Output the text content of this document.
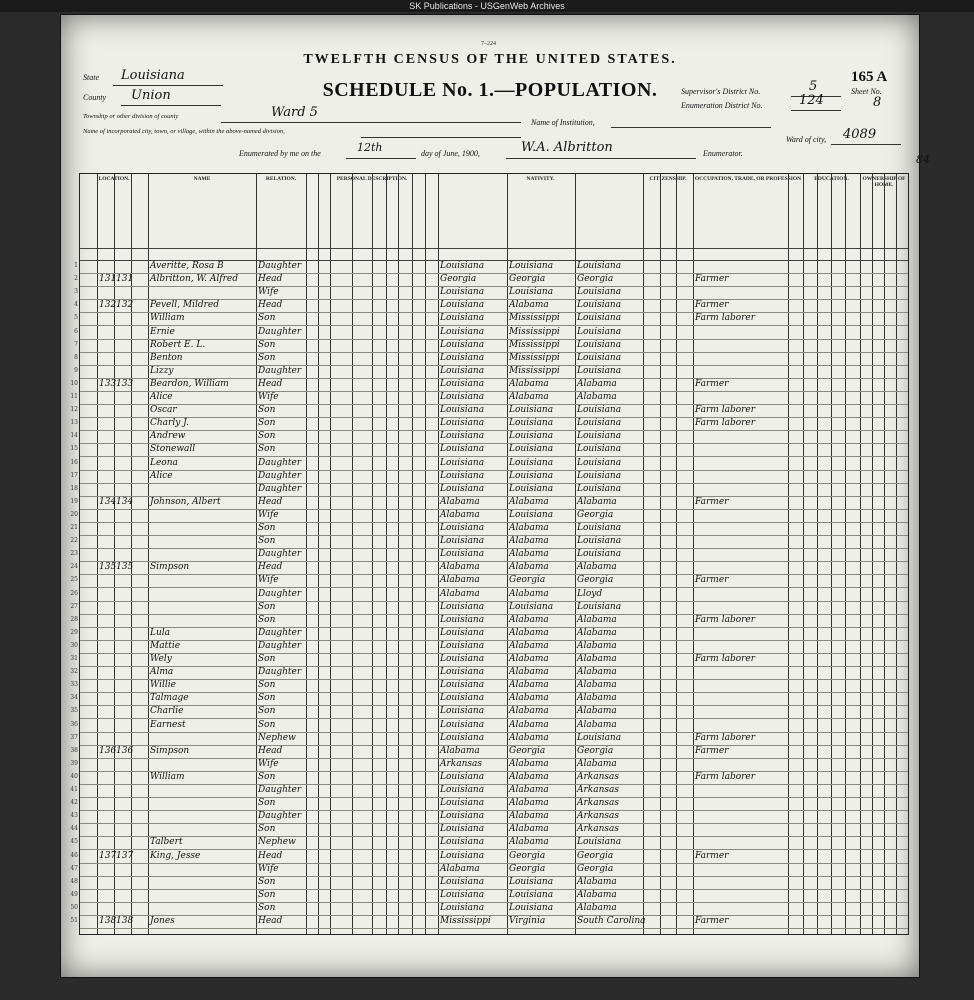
SK Publications - USGenWeb Archives
7–224
TWELFTH CENSUS OF THE UNITED STATES.
SCHEDULE No. 1.—POPULATION.
165 A
State Louisiana
County Union
Township or other division of county	Ward 5
Name of incorporated city, town, or village, within the above-named division,
Name of Institution,
Supervisor's District No.	5
Enumeration District No.	124
Sheet No.
8
Ward of city, 4089
Enumerated by me on the	12th	day of June, 1900,	W.A. Albritton	Enumerator.
LOCATION.	NAME	RELATION.	PERSONAL DESCRIPTION.	NATIVITY.	CITIZENSHIP.	OCCUPATION, TRADE, OR PROFESSION	EDUCATION.	OWNERSHIP OF HOME.
1	Averitte, Rosa B	Daughter	Louisiana	Louisiana	Louisiana
2 131 131 Albritton, W. Alfred	Head	Georgia	Georgia	Georgia	Farmer
3	Wife	Louisiana	Louisiana	Louisiana
4 132 132 Pevell, Mildred	Head	Louisiana	Alabama	Louisiana	Farmer
5	William	Son	Louisiana	Mississippi	Louisiana	Farm laborer
6	Ernie	Daughter	Louisiana	Mississippi	Louisiana
7	Robert E. L.	Son	Louisiana	Mississippi	Louisiana
8	Benton	Son	Louisiana	Mississippi	Louisiana
9	Lizzy	Daughter	Louisiana	Mississippi	Louisiana
10 133 133 Beardon, William	Head	Louisiana	Alabama	Alabama	Farmer
11	Alice	Wife	Louisiana	Alabama	Alabama
12	Oscar	Son	Louisiana	Louisiana	Louisiana	Farm laborer
13	Charly J.	Son	Louisiana	Louisiana	Louisiana	Farm laborer
14	Andrew	Son	Louisiana	Louisiana	Louisiana
15	Stonewall	Son	Louisiana	Louisiana	Louisiana
16	Leona	Daughter	Louisiana	Louisiana	Louisiana
17	Alice	Daughter	Louisiana	Louisiana	Louisiana
18	Daughter	Louisiana	Louisiana	Louisiana
19 134 134 Johnson, Albert	Head	Alabama	Alabama	Alabama	Farmer
20	Wife	Alabama	Louisiana	Georgia
21	Son	Louisiana	Alabama	Louisiana
22	Son	Louisiana	Alabama	Louisiana
23	Daughter	Louisiana	Alabama	Louisiana
24 135 135 Simpson	Head	Alabama	Alabama	Alabama
25	Wife	Alabama	Georgia	Georgia	Farmer
26	Daughter	Alabama	Alabama	Lloyd
27	Son	Louisiana	Louisiana	Louisiana
28	Son	Louisiana	Alabama	Alabama	Farm laborer
29	Lula	Daughter	Louisiana	Alabama	Alabama
30	Mattie	Daughter	Louisiana	Alabama	Alabama
31	Wely	Son	Louisiana	Alabama	Alabama	Farm laborer
32	Alma	Daughter	Louisiana	Alabama	Alabama
33	Willie	Son	Louisiana	Alabama	Alabama
34	Talmage	Son	Louisiana	Alabama	Alabama
35	Charlie	Son	Louisiana	Alabama	Alabama
36	Earnest	Son	Louisiana	Alabama	Alabama
37	Nephew	Louisiana	Alabama	Louisiana	Farm laborer
38 136 136 Simpson	Head	Alabama	Georgia	Georgia	Farmer
39	Wife	Arkansas	Alabama	Alabama
40	William	Son	Louisiana	Alabama	Arkansas	Farm laborer
41	Daughter	Louisiana	Alabama	Arkansas
42	Son	Louisiana	Alabama	Arkansas
43	Daughter	Louisiana	Alabama	Arkansas
44	Son	Louisiana	Alabama	Arkansas
45	Talbert	Nephew	Louisiana	Alabama	Louisiana
46 137 137 King, Jesse	Head	Louisiana	Georgia	Georgia	Farmer
47	Wife	Alabama	Georgia	Georgia
48	Son	Louisiana	Louisiana	Alabama
49	Son	Louisiana	Louisiana	Alabama
50	Son	Louisiana	Louisiana	Alabama
51 138 138 Jones	Head	Mississippi	Virginia	South Carolina	Farmer
84
